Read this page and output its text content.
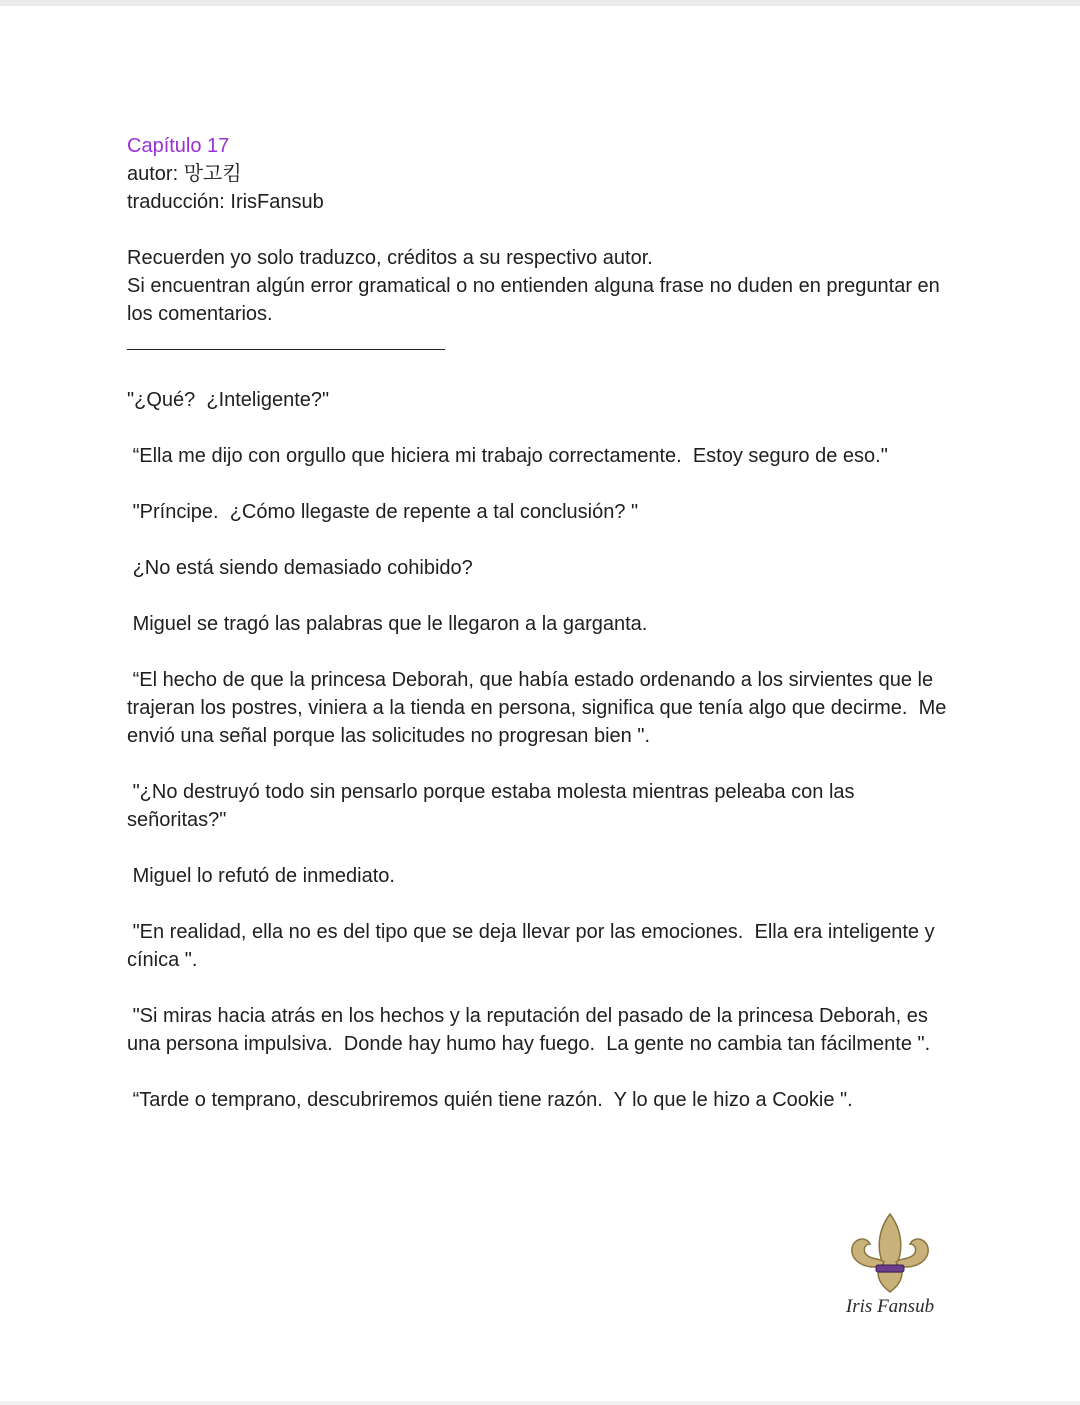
Capítulo 17
autor: 망고킴
traducción: IrisFansub
Recuerden yo solo traduzco, créditos a su respectivo autor.
Si encuentran algún error gramatical o no entienden alguna frase no duden en preguntar en los comentarios.

"¿Qué?  ¿Inteligente?"

“Ella me dijo con orgullo que hiciera mi trabajo correctamente.  Estoy seguro de eso."

"Príncipe.  ¿Cómo llegaste de repente a tal conclusión? "

¿No está siendo demasiado cohibido?

Miguel se tragó las palabras que le llegaron a la garganta.

“El hecho de que la princesa Deborah, que había estado ordenando a los sirvientes que le trajeran los postres, viniera a la tienda en persona, significa que tenía algo que decirme.  Me envió una señal porque las solicitudes no progresan bien ".

"¿No destruyó todo sin pensarlo porque estaba molesta mientras peleaba con las señoritas?"

Miguel lo refutó de inmediato.

"En realidad, ella no es del tipo que se deja llevar por las emociones.  Ella era inteligente y cínica ".

"Si miras hacia atrás en los hechos y la reputación del pasado de la princesa Deborah, es una persona impulsiva.  Donde hay humo hay fuego.  La gente no cambia tan fácilmente ".

“Tarde o temprano, descubriremos quién tiene razón.  Y lo que le hizo a Cookie ".

Iris Fansub
